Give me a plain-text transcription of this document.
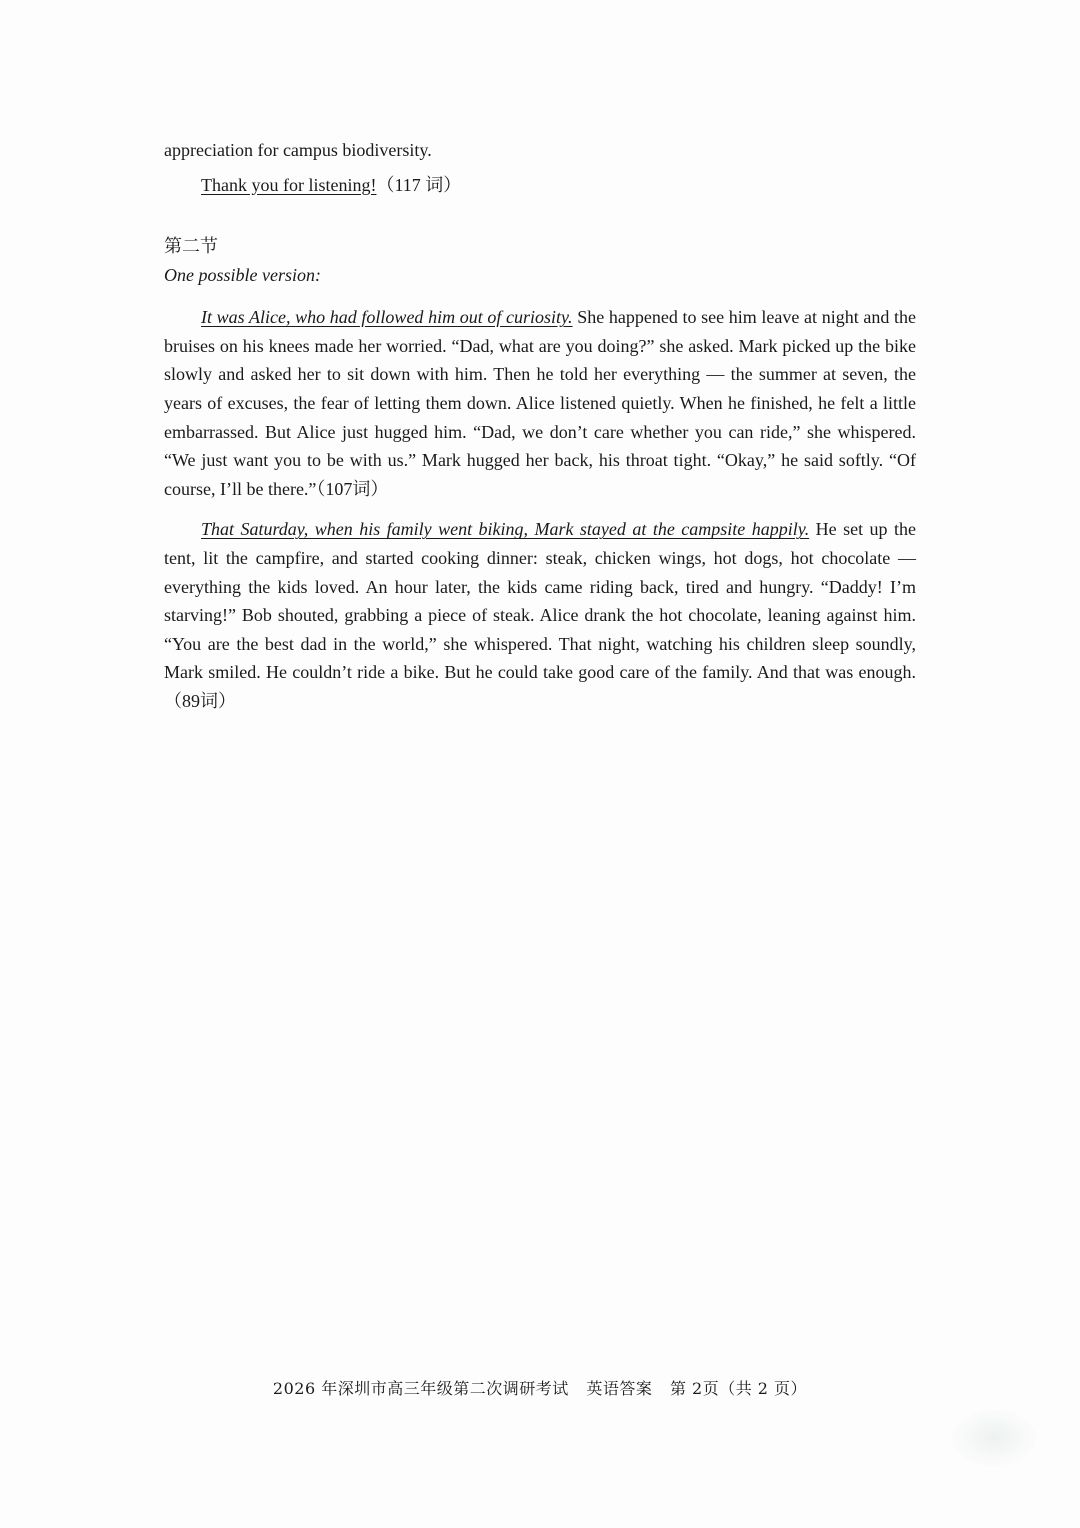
appreciation for campus biodiversity.

Thank you for listening!（117 词）

第二节

One possible version:

It was Alice, who had followed him out of curiosity. She happened to see him leave at night and the bruises on his knees made her worried. “Dad, what are you doing?” she asked. Mark picked up the bike slowly and asked her to sit down with him. Then he told her everything — the summer at seven, the years of excuses, the fear of letting them down. Alice listened quietly. When he finished, he felt a little embarrassed. But Alice just hugged him. “Dad, we don’t care whether you can ride,” she whispered. “We just want you to be with us.” Mark hugged her back, his throat tight. “Okay,” he said softly. “Of course, I’ll be there.”（107词）

That Saturday, when his family went biking, Mark stayed at the campsite happily. He set up the tent, lit the campfire, and started cooking dinner: steak, chicken wings, hot dogs, hot chocolate — everything the kids loved. An hour later, the kids came riding back, tired and hungry. “Daddy! I’m starving!” Bob shouted, grabbing a piece of steak. Alice drank the hot chocolate, leaning against him. “You are the best dad in the world,” she whispered. That night, watching his children sleep soundly, Mark smiled. He couldn’t ride a bike. But he could take good care of the family. And that was enough.（89词）

2026 年深圳市高三年级第二次调研考试 英语答案 第 2页（共 2 页）
